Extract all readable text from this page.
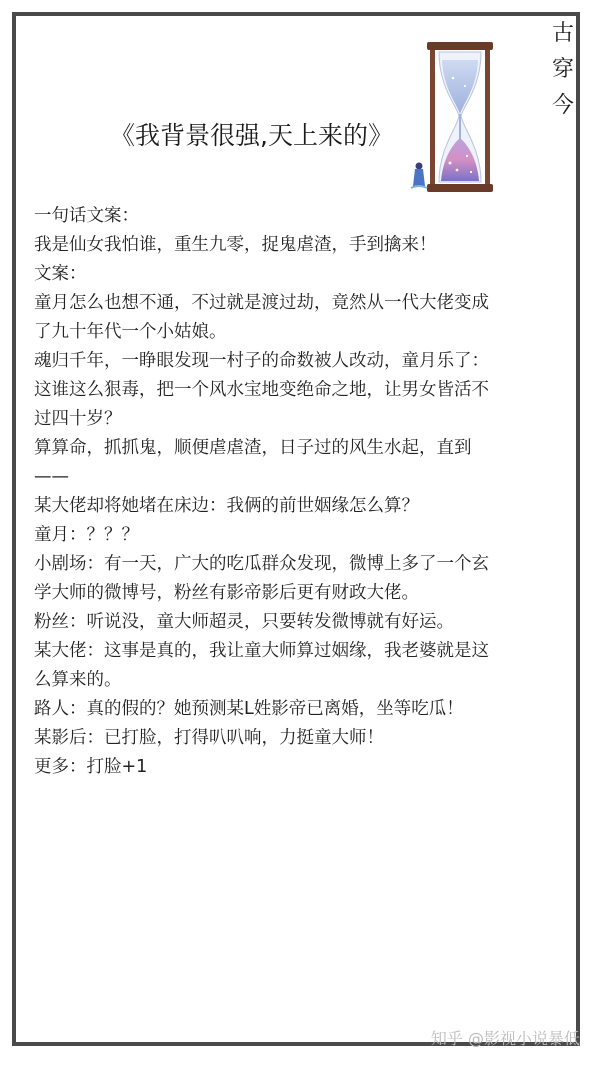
古
穿
今
《我背景很强,天上来的》

一句话文案：

我是仙女我怕谁，重生九零，捉鬼虐渣，手到擒来！

文案：

童月怎么也想不通，不过就是渡过劫，竟然从一代大佬变成

了九十年代一个小姑娘。

魂归千年，一睁眼发现一村子的命数被人改动，童月乐了：

这谁这么狠毒，把一个风水宝地变绝命之地，让男女皆活不

过四十岁？

算算命，抓抓鬼，顺便虐虐渣，日子过的风生水起，直到

——

某大佬却将她堵在床边：我俩的前世姻缘怎么算？

童月：？？？

小剧场：有一天，广大的吃瓜群众发现，微博上多了一个玄

学大师的微博号，粉丝有影帝影后更有财政大佬。

粉丝：听说没，童大师超灵，只要转发微博就有好运。

某大佬：这事是真的，我让童大师算过姻缘，我老婆就是这

么算来的。

路人：真的假的？她预测某L姓影帝已离婚，坐等吃瓜！

某影后：已打脸，打得叭叭响，力挺童大师！

更多：打脸+1

知乎 @影视小说暴低
